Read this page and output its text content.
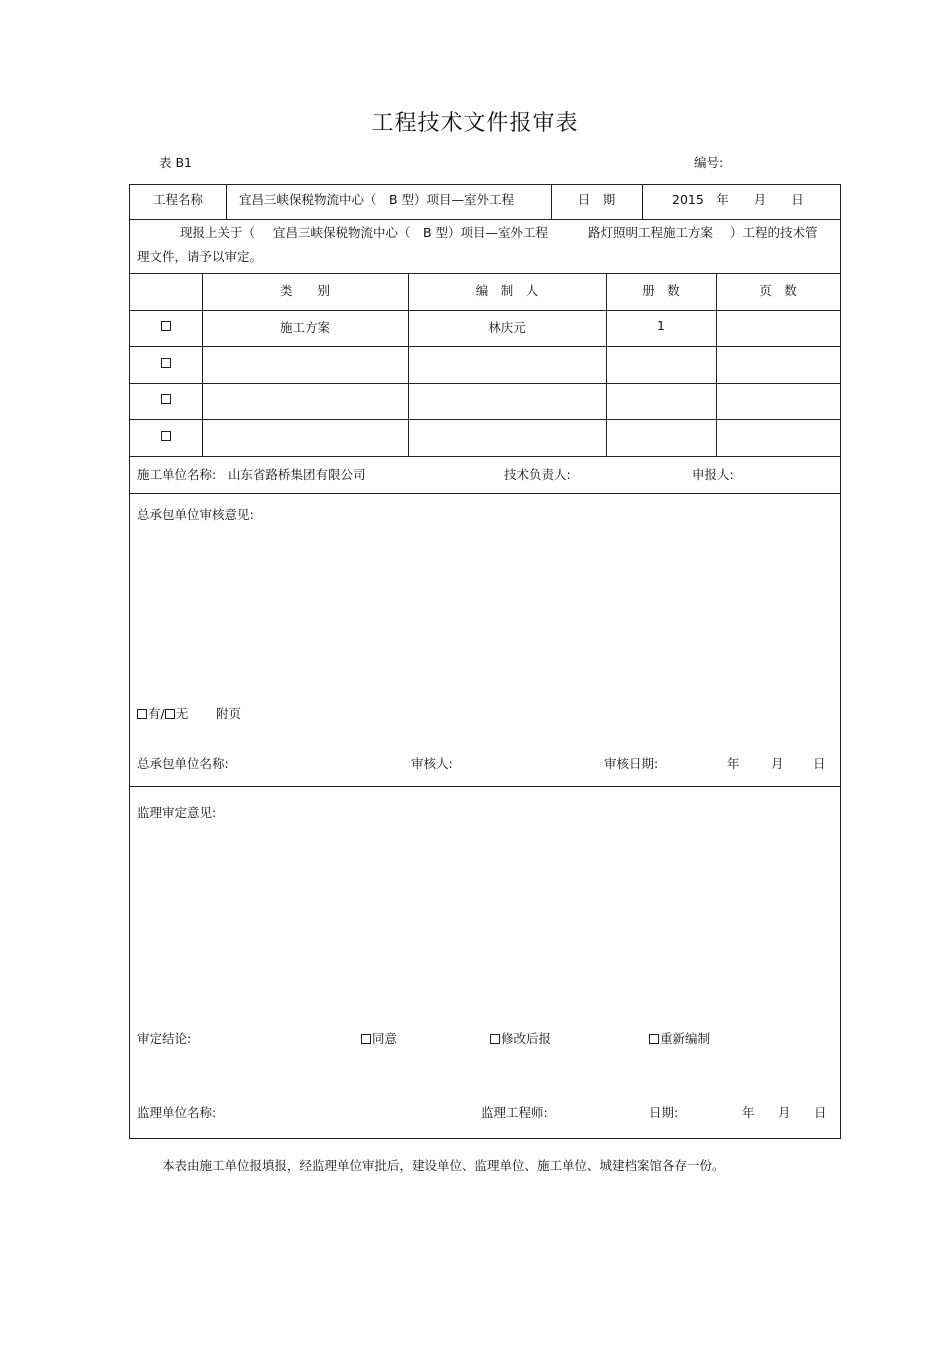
工程技术文件报审表
表 B1	编号:
工程名称	宜昌三峡保税物流中心（　B 型）项目—室外工程	日　期	2015　年　　月　　日
现报上关于（ 宜昌三峡保税物流中心（　B 型）项目—室外工程	路灯照明工程施工方案 ）工程的技术管
理文件，请予以审定。
类　　别	编　制　人	册　数	页　数
施工方案	林庆元	1
施工单位名称: 山东省路桥集团有限公司	技术负责人:	申报人:
总承包单位审核意见:
有/ 无 附页
总承包单位名称:	审核人:	审核日期:	年	月 日
监理审定意见:
审定结论:	同意	修改后报	重新编制
监理单位名称:	监理工程师:	日期:	年 月 日
本表由施工单位报填报，经监理单位审批后，建设单位、监理单位、施工单位、城建档案馆各存一份。
